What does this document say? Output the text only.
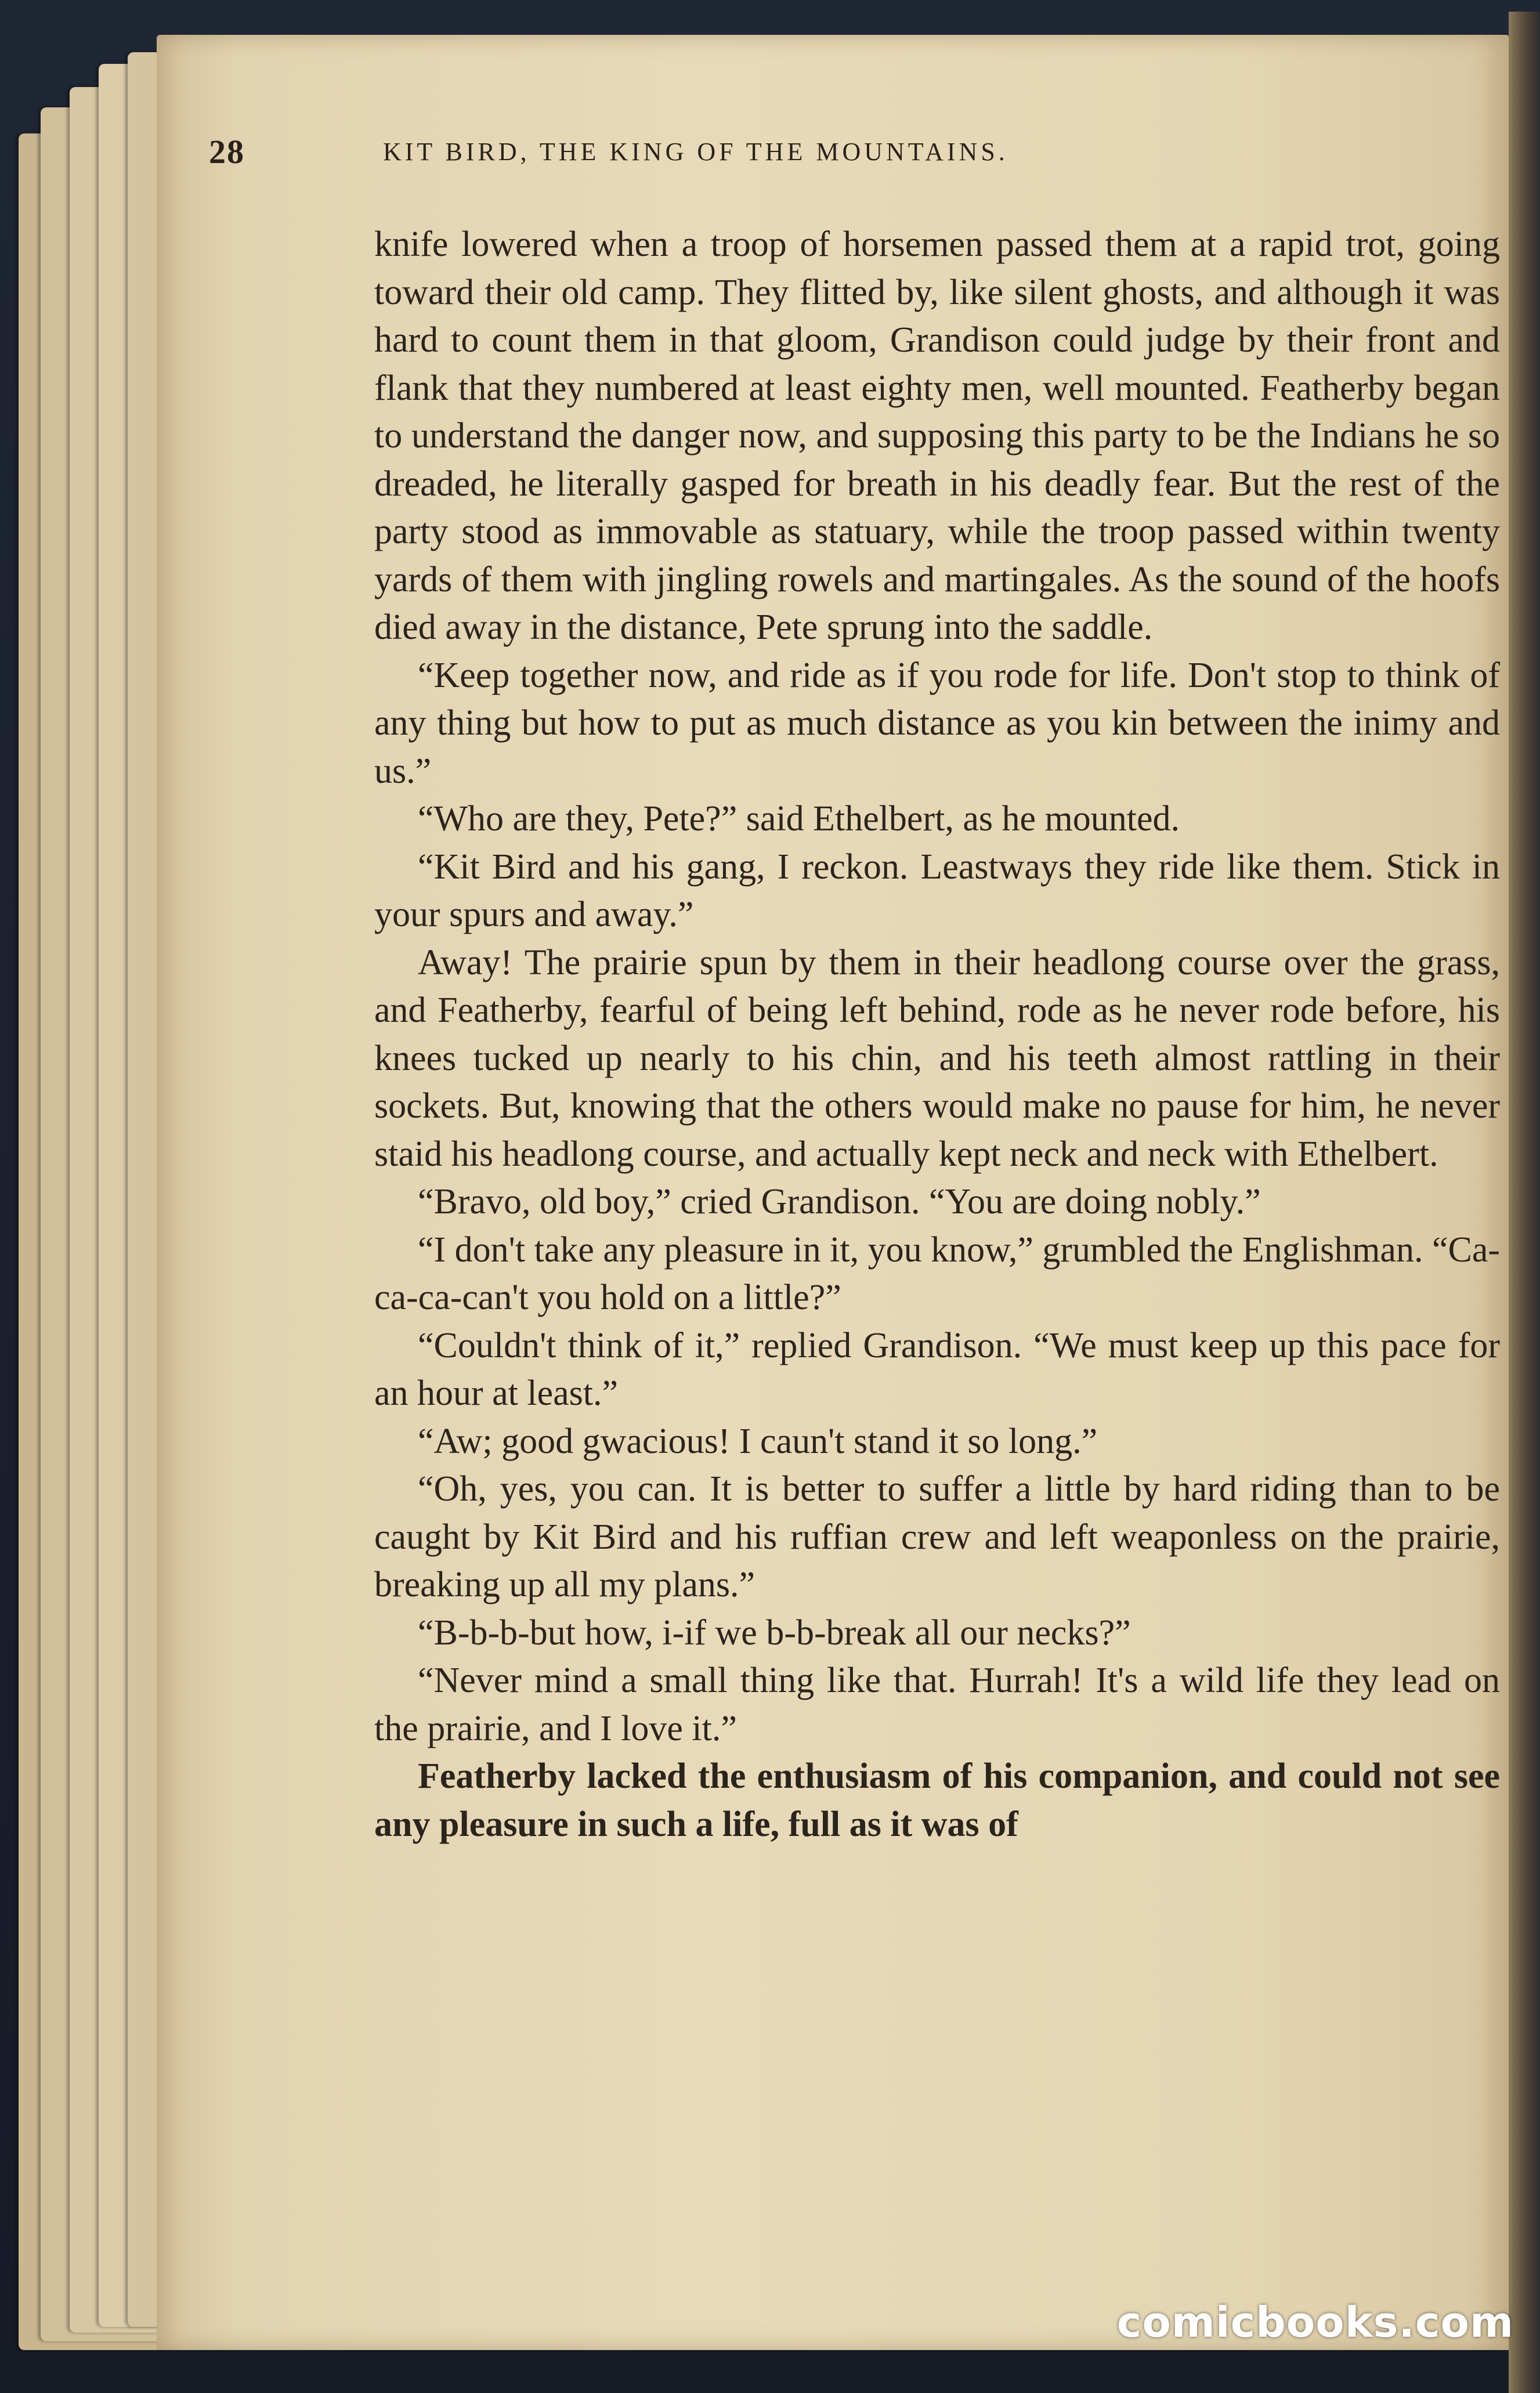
28	KIT BIRD, THE KING OF THE MOUNTAINS.

knife lowered when a troop of horsemen passed them at a rapid trot, going toward their old camp. They flitted by, like silent ghosts, and although it was hard to count them in that gloom, Grandison could judge by their front and flank that they numbered at least eighty men, well mounted. Featherby began to understand the danger now, and supposing this party to be the Indians he so dreaded, he literally gasped for breath in his deadly fear. But the rest of the party stood as immovable as statuary, while the troop passed within twenty yards of them with jingling rowels and martingales. As the sound of the hoofs died away in the distance, Pete sprung into the saddle.

“Keep together now, and ride as if you rode for life. Don't stop to think of any thing but how to put as much distance as you kin between the inimy and us.”

“Who are they, Pete?” said Ethelbert, as he mounted.

“Kit Bird and his gang, I reckon. Leastways they ride like them. Stick in your spurs and away.”

Away! The prairie spun by them in their headlong course over the grass, and Featherby, fearful of being left behind, rode as he never rode before, his knees tucked up nearly to his chin, and his teeth almost rattling in their sockets. But, knowing that the others would make no pause for him, he never staid his headlong course, and actually kept neck and neck with Ethelbert.

“Bravo, old boy,” cried Grandison. “You are doing nobly.”

“I don't take any pleasure in it, you know,” grumbled the Englishman. “Ca-ca-ca-can't you hold on a little?”

“Couldn't think of it,” replied Grandison. “We must keep up this pace for an hour at least.”

“Aw; good gwacious! I caun't stand it so long.”

“Oh, yes, you can. It is better to suffer a little by hard riding than to be caught by Kit Bird and his ruffian crew and left weaponless on the prairie, breaking up all my plans.”

“B-b-b-but how, i-if we b-b-break all our necks?”

“Never mind a small thing like that. Hurrah! It's a wild life they lead on the prairie, and I love it.”

Featherby lacked the enthusiasm of his companion, and could not see any pleasure in such a life, full as it was of

comicbooks.com
